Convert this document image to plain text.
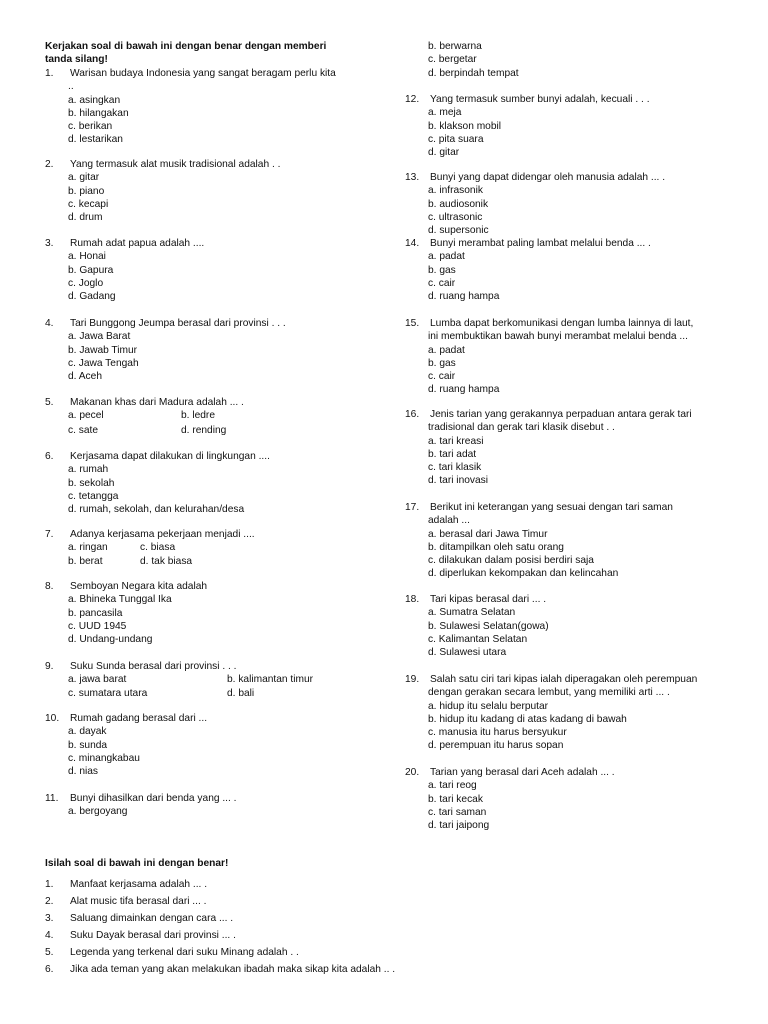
Kerjakan soal di bawah ini dengan benar dengan memberi
tanda silang!
1. Warisan budaya Indonesia yang sangat beragam perlu kita
..
a. asingkan
b. hilangakan
c. berikan
d. lestarikan
2. Yang termasuk alat musik tradisional adalah . .
a. gitar
b. piano
c. kecapi
d. drum
3. Rumah adat papua adalah ....
a. Honai
b. Gapura
c. Joglo
d. Gadang
4. Tari Bunggong Jeumpa berasal dari provinsi . . .
a. Jawa Barat
b. Jawab Timur
c. Jawa Tengah
d. Aceh
5. Makanan khas dari Madura adalah ... .
a. pecel	b. ledre
c. sate	d. rending
6. Kerjasama dapat dilakukan di lingkungan ....
a. rumah
b. sekolah
c. tetangga
d. rumah, sekolah, dan kelurahan/desa
7. Adanya kerjasama pekerjaan menjadi ....
a. ringan	c. biasa
b. berat	d. tak biasa
8. Semboyan Negara kita adalah
a. Bhineka Tunggal Ika
b. pancasila
c. UUD 1945
d. Undang-undang
9. Suku Sunda berasal dari provinsi . . .
a. jawa barat	b. kalimantan timur
c. sumatara utara	d. bali
10. Rumah gadang berasal dari ...
a. dayak
b. sunda
c. minangkabau
d. nias
11. Bunyi dihasilkan dari benda yang ... .
a. bergoyang
b. berwarna
c. bergetar
d. berpindah tempat
12. Yang termasuk sumber bunyi adalah, kecuali . . .
a. meja
b. klakson mobil
c. pita suara
d. gitar
13. Bunyi yang dapat didengar oleh manusia adalah ... .
a. infrasonik
b. audiosonik
c. ultrasonic
d. supersonic
14. Bunyi merambat paling lambat melalui benda ... .
a. padat
b. gas
c. cair
d. ruang hampa
15. Lumba dapat berkomunikasi dengan lumba lainnya di laut,
ini membuktikan bawah bunyi merambat melalui benda ...
a. padat
b. gas
c. cair
d. ruang hampa
16. Jenis tarian yang gerakannya perpaduan antara gerak tari
tradisional dan gerak tari klasik disebut . .
a. tari kreasi
b. tari adat
c. tari klasik
d. tari inovasi
17. Berikut ini keterangan yang sesuai dengan tari saman
adalah ...
a. berasal dari Jawa Timur
b. ditampilkan oleh satu orang
c. dilakukan dalam posisi berdiri saja
d. diperlukan kekompakan dan kelincahan
18. Tari kipas berasal dari ... .
a. Sumatra Selatan
b. Sulawesi Selatan(gowa)
c. Kalimantan Selatan
d. Sulawesi utara
19. Salah satu ciri tari kipas ialah diperagakan oleh perempuan
dengan gerakan secara lembut, yang memiliki arti ... .
a. hidup itu selalu berputar
b. hidup itu kadang di atas kadang di bawah
c. manusia itu harus bersyukur
d. perempuan itu harus sopan
20. Tarian yang berasal dari Aceh adalah ... .
a. tari reog
b. tari kecak
c. tari saman
d. tari jaipong
Isilah soal di bawah ini dengan benar!
1. Manfaat kerjasama adalah ... .
2. Alat music tifa berasal dari ... .
3. Saluang dimainkan dengan cara ... .
4. Suku Dayak berasal dari provinsi ... .
5. Legenda yang terkenal dari suku Minang adalah . .
6. Jika ada teman yang akan melakukan ibadah maka sikap kita adalah .. .
